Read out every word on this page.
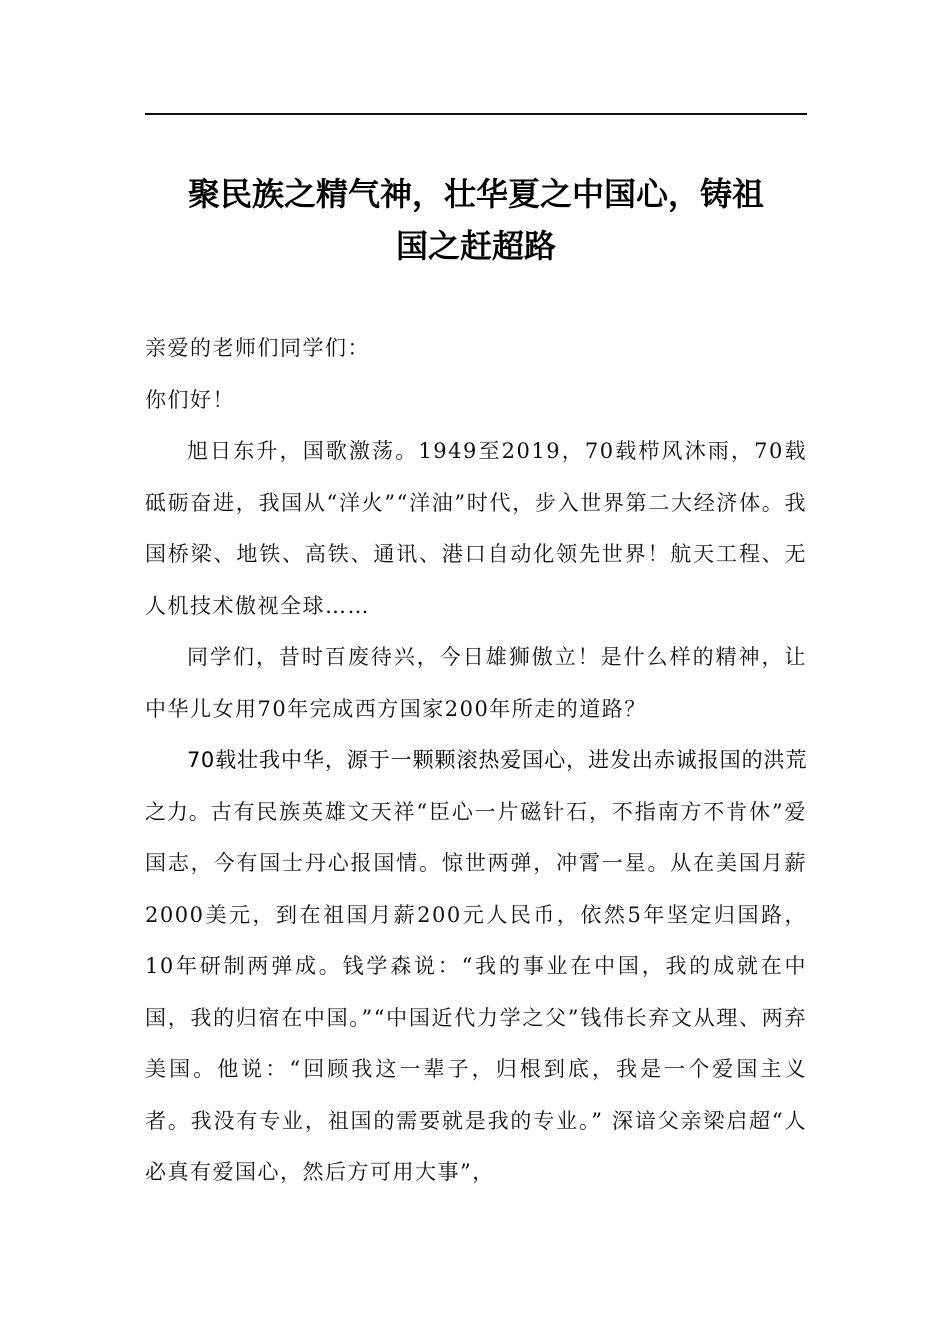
聚民族之精气神，壮华夏之中国心，铸祖
国之赶超路

亲爱的老师们同学们：

你们好！

旭日东升，国歌激荡。1949至2019，70载栉风沐雨，70载砥砺奋进，我国从“洋火”“洋油”时代，步入世界第二大经济体。我国桥梁、地铁、高铁、通讯、港口自动化领先世界！航天工程、无人机技术傲视全球……

同学们，昔时百废待兴，今日雄狮傲立！是什么样的精神，让中华儿女用70年完成西方国家200年所走的道路？

70载壮我中华，源于一颗颗滚热爱国心，进发出赤诚报国的洪荒之力。古有民族英雄文天祥“臣心一片磁针石，不指南方不肯休”爱国志，今有国士丹心报国情。惊世两弹，冲霄一星。从在美国月薪2000美元，到在祖国月薪200元人民币，依然5年坚定归国路，10年研制两弹成。钱学森说：“我的事业在中国，我的成就在中国，我的归宿在中国。”“中国近代力学之父”钱伟长弃文从理、两弃美国。他说：“回顾我这一辈子，归根到底，我是一个爱国主义者。我没有专业，祖国的需要就是我的专业。” 深谙父亲梁启超“人必真有爱国心，然后方可用大事”，
